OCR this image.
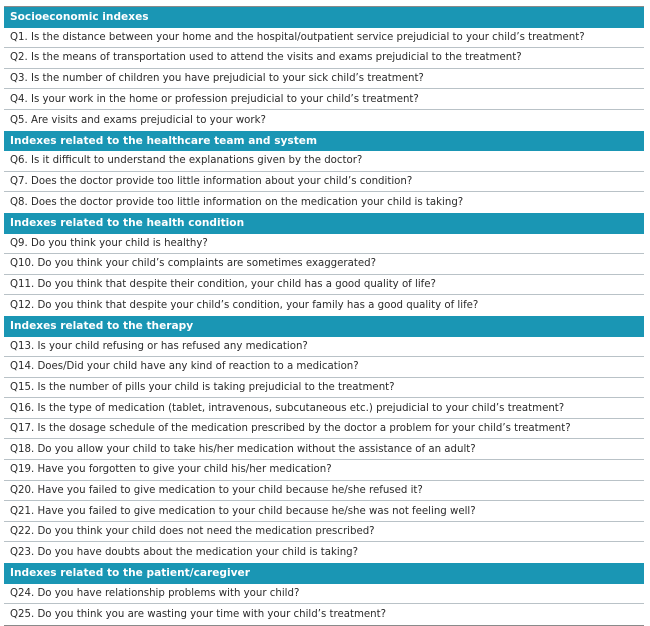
Socioeconomic indexes
Q1. Is the distance between your home and the hospital/outpatient service prejudicial to your child’s treatment?
Q2. Is the means of transportation used to attend the visits and exams prejudicial to the treatment?
Q3. Is the number of children you have prejudicial to your sick child’s treatment?
Q4. Is your work in the home or profession prejudicial to your child’s treatment?
Q5. Are visits and exams prejudicial to your work?
Indexes related to the healthcare team and system
Q6. Is it difficult to understand the explanations given by the doctor?
Q7. Does the doctor provide too little information about your child’s condition?
Q8. Does the doctor provide too little information on the medication your child is taking?
Indexes related to the health condition
Q9. Do you think your child is healthy?
Q10. Do you think your child’s complaints are sometimes exaggerated?
Q11. Do you think that despite their condition, your child has a good quality of life?
Q12. Do you think that despite your child’s condition, your family has a good quality of life?
Indexes related to the therapy
Q13. Is your child refusing or has refused any medication?
Q14. Does/Did your child have any kind of reaction to a medication?
Q15. Is the number of pills your child is taking prejudicial to the treatment?
Q16. Is the type of medication (tablet, intravenous, subcutaneous etc.) prejudicial to your child’s treatment?
Q17. Is the dosage schedule of the medication prescribed by the doctor a problem for your child’s treatment?
Q18. Do you allow your child to take his/her medication without the assistance of an adult?
Q19. Have you forgotten to give your child his/her medication?
Q20. Have you failed to give medication to your child because he/she refused it?
Q21. Have you failed to give medication to your child because he/she was not feeling well?
Q22. Do you think your child does not need the medication prescribed?
Q23. Do you have doubts about the medication your child is taking?
Indexes related to the patient/caregiver
Q24. Do you have relationship problems with your child?
Q25. Do you think you are wasting your time with your child’s treatment?
